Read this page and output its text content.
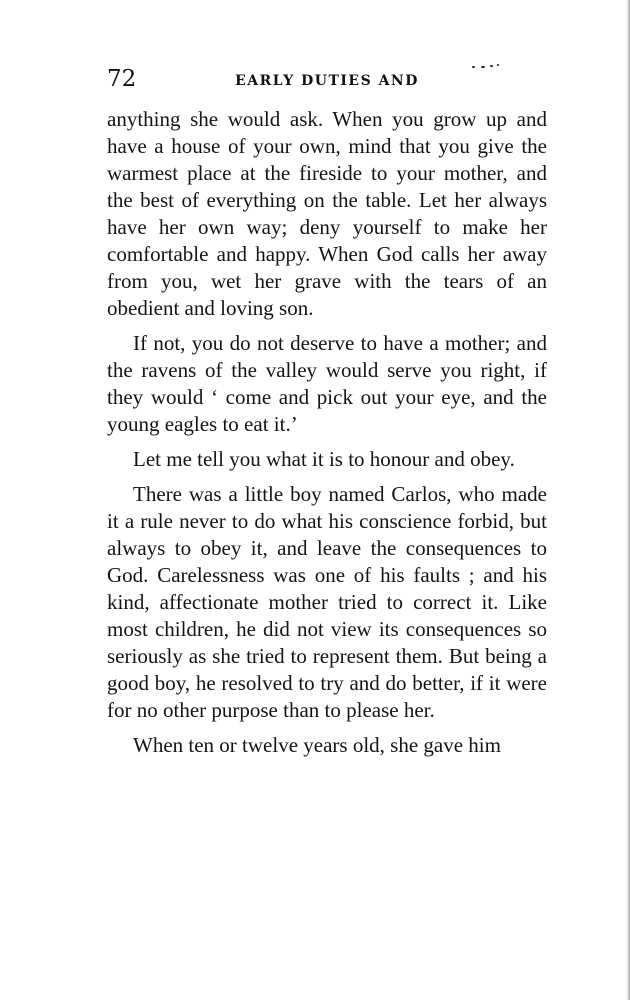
72	EARLY DUTIES AND

anything she would ask. When you grow up and have a house of your own, mind that you give the warmest place at the fireside to your mother, and the best of everything on the table. Let her always have her own way; deny yourself to make her comfortable and happy. When God calls her away from you, wet her grave with the tears of an obedient and loving son.

If not, you do not deserve to have a mother; and the ravens of the valley would serve you right, if they would ‘ come and pick out your eye, and the young eagles to eat it.’

Let me tell you what it is to honour and obey.

There was a little boy named Carlos, who made it a rule never to do what his conscience forbid, but always to obey it, and leave the consequences to God. Carelessness was one of his faults ; and his kind, affectionate mother tried to correct it. Like most children, he did not view its consequences so seriously as she tried to represent them. But being a good boy, he resolved to try and do better, if it were for no other purpose than to please her.

When ten or twelve years old, she gave him
